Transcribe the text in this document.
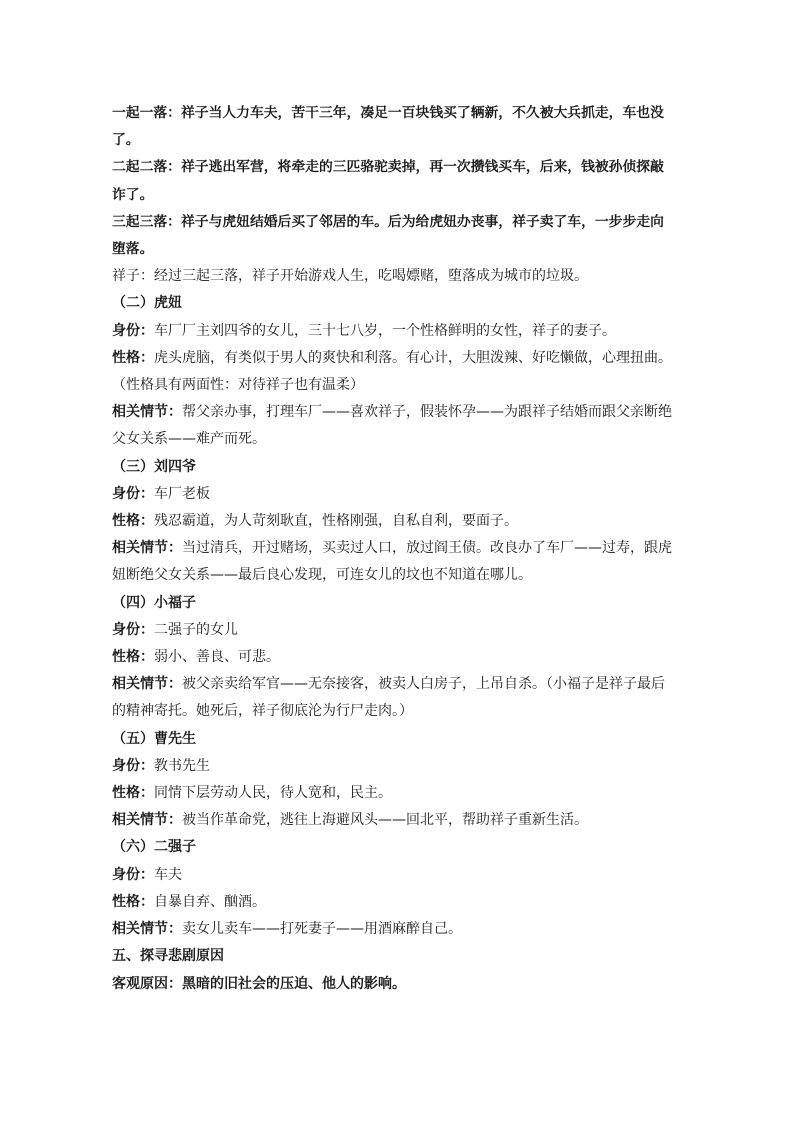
一起一落：祥子当人力车夫，苦干三年，凑足一百块钱买了辆新，不久被大兵抓走，车也没了。
二起二落：祥子逃出军营，将牵走的三匹骆驼卖掉，再一次攒钱买车，后来，钱被孙侦探敲诈了。
三起三落：祥子与虎妞结婚后买了邻居的车。后为给虎妞办丧事，祥子卖了车，一步步走向堕落。
祥子：经过三起三落，祥子开始游戏人生，吃喝嫖赌，堕落成为城市的垃圾。
（二）虎妞
身份：车厂厂主刘四爷的女儿，三十七八岁，一个性格鲜明的女性，祥子的妻子。
性格：虎头虎脑，有类似于男人的爽快和利落。有心计，大胆泼辣、好吃懒做，心理扭曲。
（性格具有两面性：对待祥子也有温柔）
相关情节：帮父亲办事，打理车厂——喜欢祥子，假装怀孕——为跟祥子结婚而跟父亲断绝父女关系——难产而死。
（三）刘四爷
身份：车厂老板
性格：残忍霸道，为人苛刻耿直，性格刚强，自私自利，要面子。
相关情节：当过清兵，开过赌场，买卖过人口，放过阎王债。改良办了车厂——过寿，跟虎妞断绝父女关系——最后良心发现，可连女儿的坟也不知道在哪儿。
（四）小福子
身份：二强子的女儿
性格：弱小、善良、可悲。
相关情节：被父亲卖给军官——无奈接客，被卖人白房子，上吊自杀。（小福子是祥子最后的精神寄托。她死后，祥子彻底沦为行尸走肉。）
（五）曹先生
身份：教书先生
性格：同情下层劳动人民，待人宽和，民主。
相关情节：被当作革命党，逃往上海避风头——回北平，帮助祥子重新生活。
（六）二强子
身份：车夫
性格：自暴自弃、酗酒。
相关情节：卖女儿卖车——打死妻子——用酒麻醉自己。
五、探寻悲剧原因
客观原因：黑暗的旧社会的压迫、他人的影响。
